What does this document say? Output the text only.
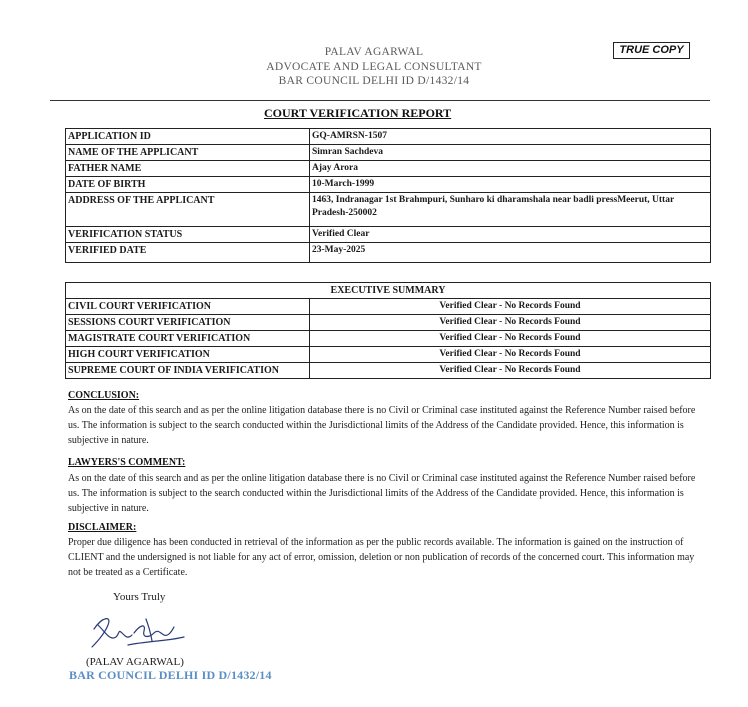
PALAV AGARWAL
ADVOCATE AND LEGAL CONSULTANT
BAR COUNCIL DELHI ID D/1432/14
TRUE COPY
COURT VERIFICATION REPORT
APPLICATION ID	GQ-AMRSN-1507
NAME OF THE APPLICANT	Simran Sachdeva
FATHER NAME	Ajay Arora
DATE OF BIRTH	10-March-1999
ADDRESS OF THE APPLICANT	1463, Indranagar 1st Brahmpuri, Sunharo ki dharamshala near badli pressMeerut, Uttar Pradesh-250002
VERIFICATION STATUS	Verified Clear
VERIFIED DATE	23-May-2025
EXECUTIVE SUMMARY	
CIVIL COURT VERIFICATION	Verified Clear - No Records Found
SESSIONS COURT VERIFICATION	Verified Clear - No Records Found
MAGISTRATE COURT VERIFICATION	Verified Clear - No Records Found
HIGH COURT VERIFICATION	Verified Clear - No Records Found
SUPREME COURT OF INDIA VERIFICATION	Verified Clear - No Records Found
CONCLUSION:
As on the date of this search and as per the online litigation database there is no Civil or Criminal case instituted against the Reference Number raised before us. The information is subject to the search conducted within the Jurisdictional limits of the Address of the Candidate provided. Hence, this information is subjective in nature.
LAWYERS'S COMMENT:
As on the date of this search and as per the online litigation database there is no Civil or Criminal case instituted against the Reference Number raised before us. The information is subject to the search conducted within the Jurisdictional limits of the Address of the Candidate provided. Hence, this information is subjective in nature.
DISCLAIMER:
Proper due diligence has been conducted in retrieval of the information as per the public records available. The information is gained on the instruction of CLIENT and the undersigned is not liable for any act of error, omission, deletion or non publication of records of the concerned court. This information may not be treated as a Certificate.
Yours Truly
(PALAV AGARWAL)
BAR COUNCIL DELHI ID D/1432/14
